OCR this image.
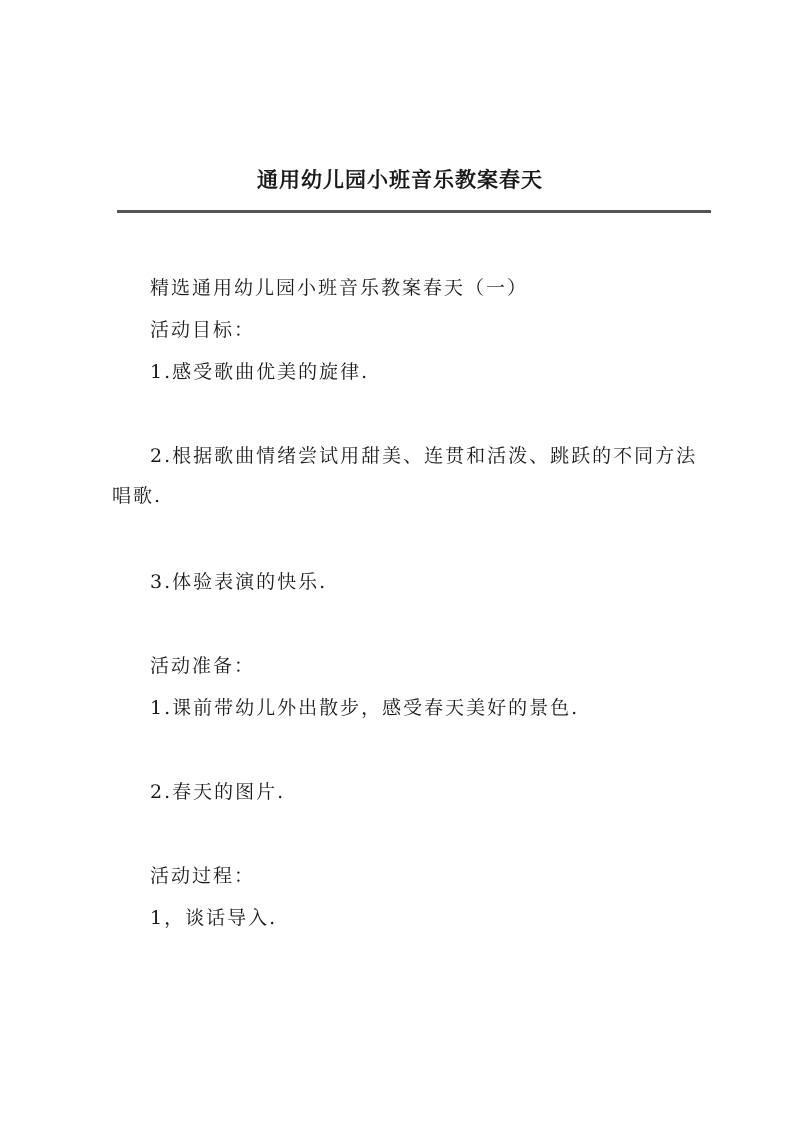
通用幼儿园小班音乐教案春天

精选通用幼儿园小班音乐教案春天（一）

活动目标：

1.感受歌曲优美的旋律.

2.根据歌曲情绪尝试用甜美、连贯和活泼、跳跃的不同方法唱歌.

3.体验表演的快乐.

活动准备：

1.课前带幼儿外出散步，感受春天美好的景色.

2.春天的图片.

活动过程：

1，谈话导入.
